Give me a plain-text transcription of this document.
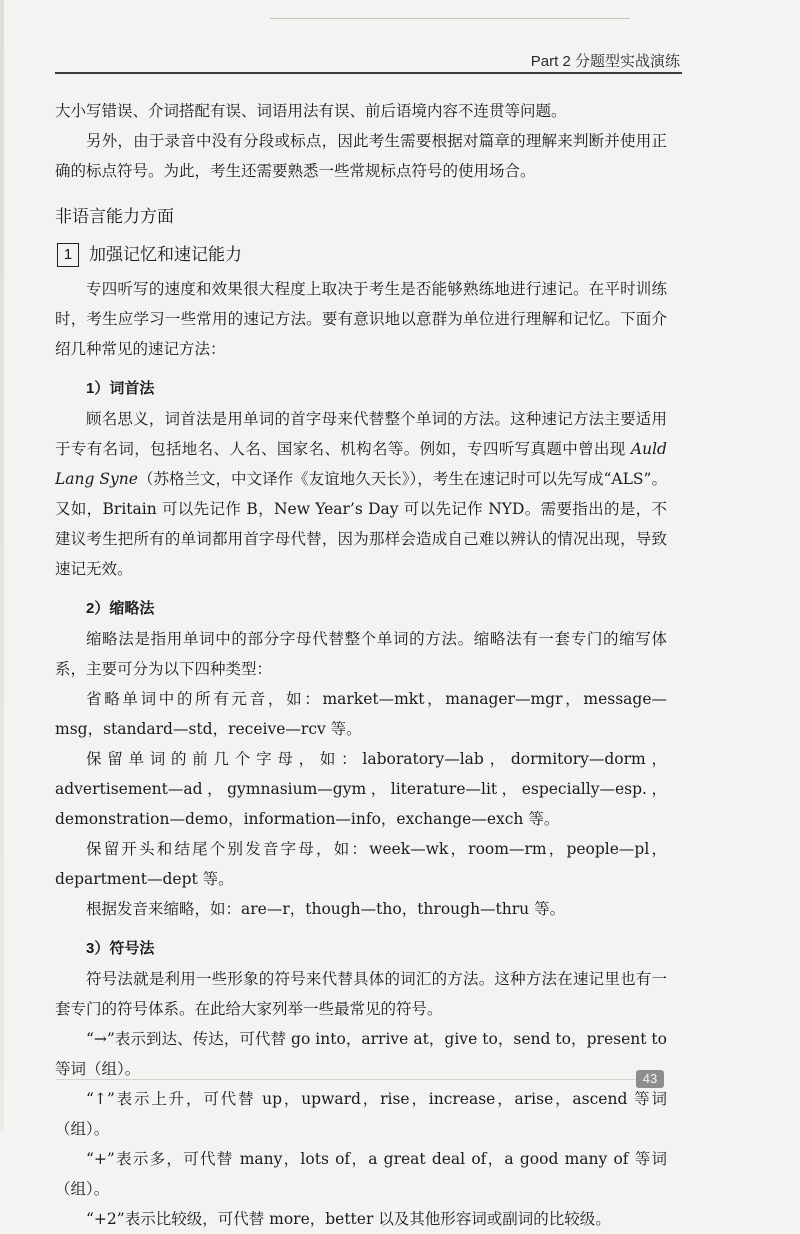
Part 2 分题型实战演练

大小写错误、介词搭配有误、词语用法有误、前后语境内容不连贯等问题。

另外，由于录音中没有分段或标点，因此考生需要根据对篇章的理解来判断并使用正确的标点符号。为此，考生还需要熟悉一些常规标点符号的使用场合。

非语言能力方面
1 加强记忆和速记能力

专四听写的速度和效果很大程度上取决于考生是否能够熟练地进行速记。在平时训练时，考生应学习一些常用的速记方法。要有意识地以意群为单位进行理解和记忆。下面介绍几种常见的速记方法：

1）词首法

顾名思义，词首法是用单词的首字母来代替整个单词的方法。这种速记方法主要适用于专有名词，包括地名、人名、国家名、机构名等。例如，专四听写真题中曾出现 Auld Lang Syne（苏格兰文，中文译作《友谊地久天长》），考生在速记时可以先写成“ALS”。又如，Britain 可以先记作 B，New Year’s Day 可以先记作 NYD。需要指出的是，不建议考生把所有的单词都用首字母代替，因为那样会造成自己难以辨认的情况出现，导致速记无效。

2）缩略法

缩略法是指用单词中的部分字母代替整个单词的方法。缩略法有一套专门的缩写体系，主要可分为以下四种类型：

省略单词中的所有元音，如：market—mkt，manager—mgr，message—msg，standard—std，receive—rcv 等。

保留单词的前几个字母，如：laboratory—lab，dormitory—dorm，advertisement—ad，gymnasium—gym，literature—lit，especially—esp.，demonstration—demo，information—info，exchange—exch 等。

保留开头和结尾个别发音字母，如：week—wk，room—rm，people—pl，department—dept 等。

根据发音来缩略，如：are—r，though—tho，through—thru 等。

3）符号法

符号法就是利用一些形象的符号来代替具体的词汇的方法。这种方法在速记里也有一套专门的符号体系。在此给大家列举一些最常见的符号。

“→”表示到达、传达，可代替 go into，arrive at，give to，send to，present to 等词（组）。

“↑”表示上升，可代替 up，upward，rise，increase，arise，ascend 等词（组）。

“+”表示多，可代替 many，lots of，a great deal of，a good many of 等词（组）。

“+2”表示比较级，可代替 more，better 以及其他形容词或副词的比较级。

43
